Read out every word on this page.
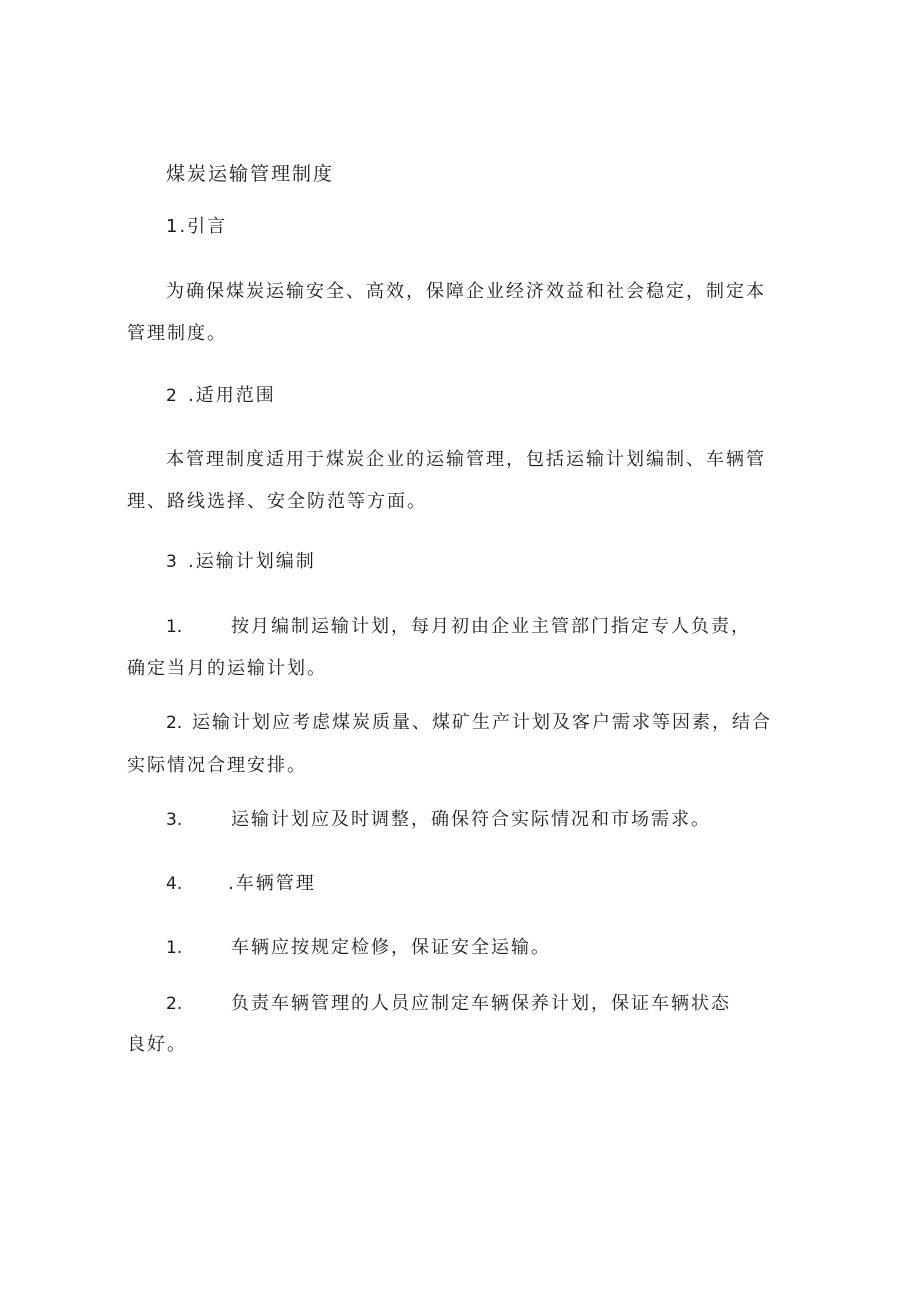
煤炭运输管理制度
1.引言
为确保煤炭运输安全、高效，保障企业经济效益和社会稳定，制定本
管理制度。
2 .适用范围
本管理制度适用于煤炭企业的运输管理，包括运输计划编制、车辆管
理、路线选择、安全防范等方面。
3 .运输计划编制
1.	按月编制运输计划，每月初由企业主管部门指定专人负责，
确定当月的运输计划。
2. 运输计划应考虑煤炭质量、煤矿生产计划及客户需求等因素，结合
实际情况合理安排。
3.	运输计划应及时调整，确保符合实际情况和市场需求。
4.	.车辆管理
1.	车辆应按规定检修，保证安全运输。
2.	负责车辆管理的人员应制定车辆保养计划，保证车辆状态
良好。
